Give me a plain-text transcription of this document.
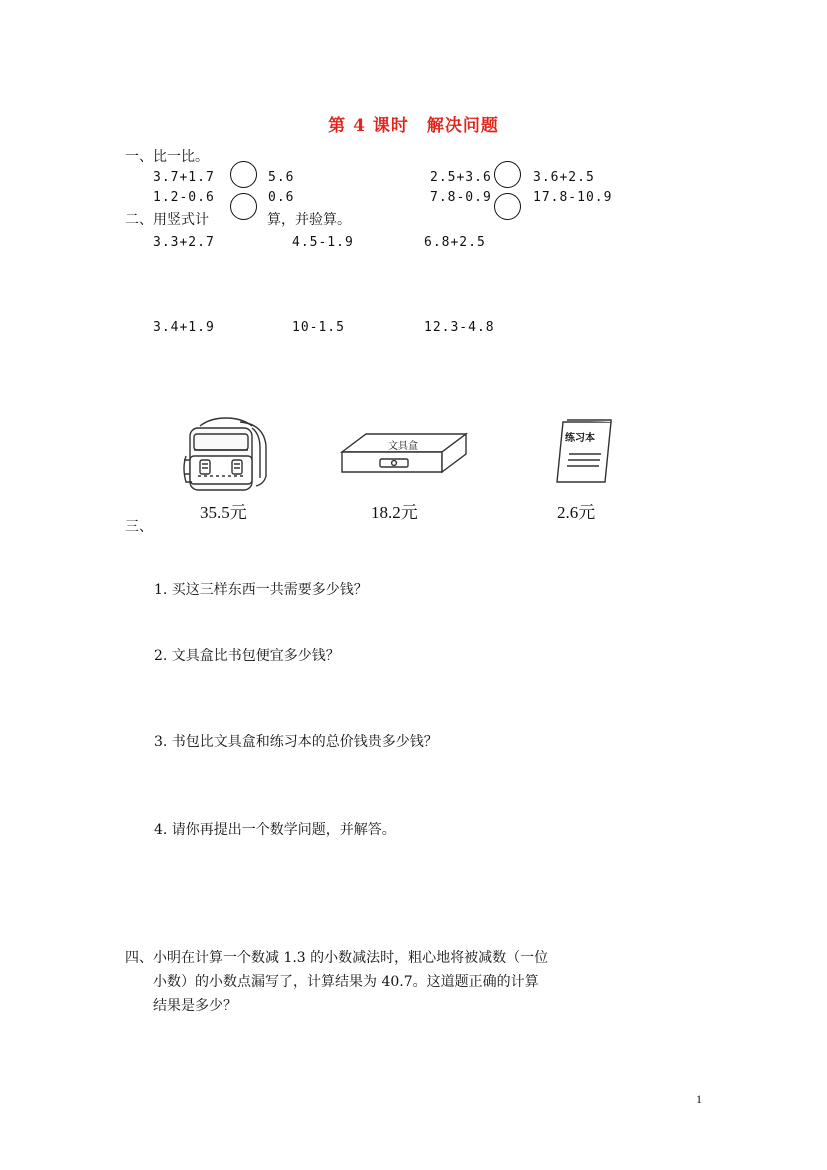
第 4 课时　解决问题
一、比一比。
3.7+1.7	5.6	2.5+3.6	3.6+2.5
1.2-0.6	0.6	7.8-0.9	17.8-10.9
二、用竖式计	算，并验算。
3.3+2.7	4.5-1.9	6.8+2.5
3.4+1.9	10-1.5	12.3-4.8
文具盒
练习本
35.5元	18.2元	2.6元
三、
1. 买这三样东西一共需要多少钱？
2. 文具盒比书包便宜多少钱？
3. 书包比文具盒和练习本的总价钱贵多少钱？
4. 请你再提出一个数学问题，并解答。
四、 小明在计算一个数减 1.3 的小数减法时，粗心地将被减数（一位
小数）的小数点漏写了，计算结果为 40.7。这道题正确的计算
结果是多少？
1
